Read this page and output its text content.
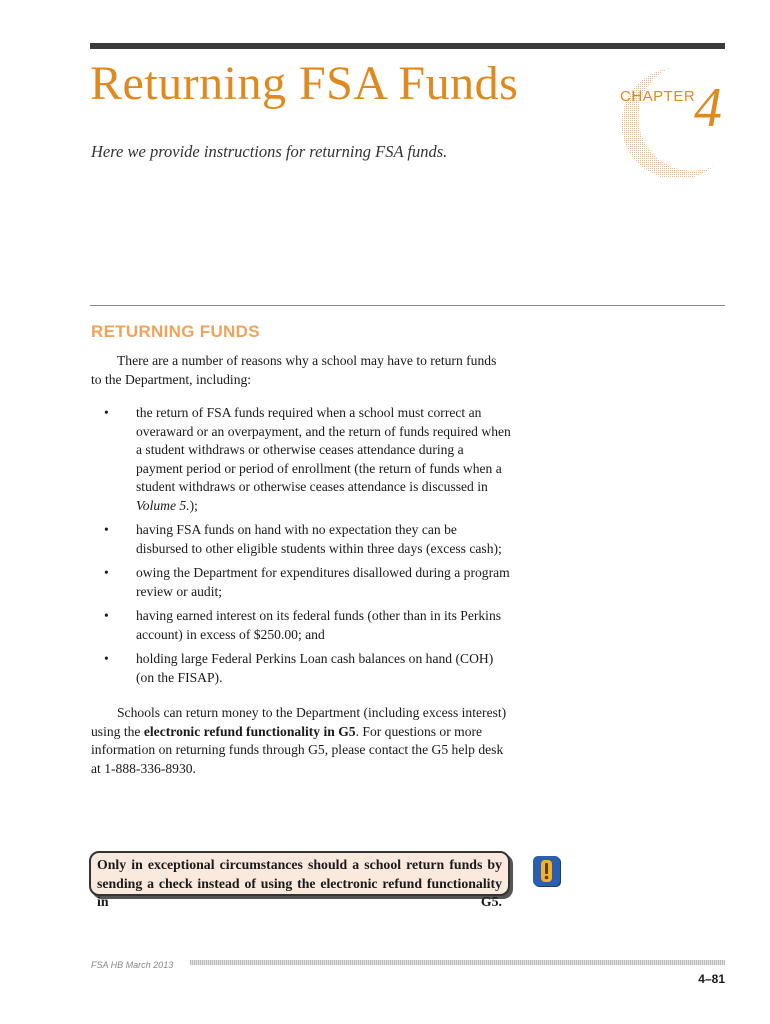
Returning FSA Funds

Here we provide instructions for returning FSA funds.

CHAPTER
4
RETURNING FUNDS

There are a number of reasons why a school may have to return funds to the Department, including:

• the return of FSA funds required when a school must correct an overaward or an overpayment, and the return of funds required when a student withdraws or otherwise ceases attendance during a payment period or period of enrollment (the return of funds when a student withdraws or otherwise ceases attendance is discussed in Volume 5.);
• having FSA funds on hand with no expectation they can be disbursed to other eligible students within three days (excess cash);
• owing the Department for expenditures disallowed during a program review or audit;
• having earned interest on its federal funds (other than in its Perkins account) in excess of $250.00; and
• holding large Federal Perkins Loan cash balances on hand (COH) (on the FISAP).

Schools can return money to the Department (including excess interest) using the electronic refund functionality in G5. For questions or more information on returning funds through G5, please contact the G5 help desk at 1-888-336-8930.

Only in exceptional circumstances should a school return funds by sending a check instead of using the electronic refund functionality in G5.
FSA HB March 2013
4–81
